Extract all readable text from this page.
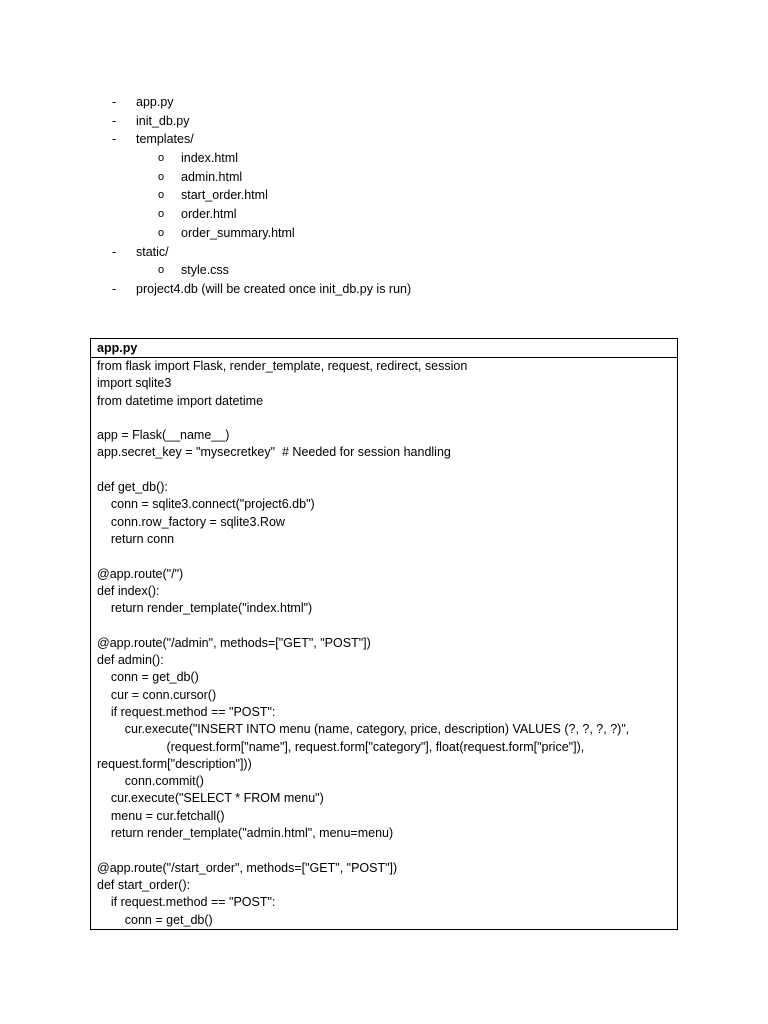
- app.py
- init_db.py
- templates/
o index.html
o admin.html
o start_order.html
o order.html
o order_summary.html
- static/
o style.css
- project4.db (will be created once init_db.py is run)
app.py
from flask import Flask, render_template, request, redirect, session
import sqlite3
from datetime import datetime
app = Flask(__name__)
app.secret_key = "mysecretkey"  # Needed for session handling
def get_db():
conn = sqlite3.connect("project6.db")
conn.row_factory = sqlite3.Row
return conn
@app.route("/")
def index():
return render_template("index.html")
@app.route("/admin", methods=["GET", "POST"])
def admin():
conn = get_db()
cur = conn.cursor()
if request.method == "POST":
cur.execute("INSERT INTO menu (name, category, price, description) VALUES (?, ?, ?, ?)",
(request.form["name"], request.form["category"], float(request.form["price"]),
request.form["description"]))
conn.commit()
cur.execute("SELECT * FROM menu")
menu = cur.fetchall()
return render_template("admin.html", menu=menu)
@app.route("/start_order", methods=["GET", "POST"])
def start_order():
if request.method == "POST":
conn = get_db()
